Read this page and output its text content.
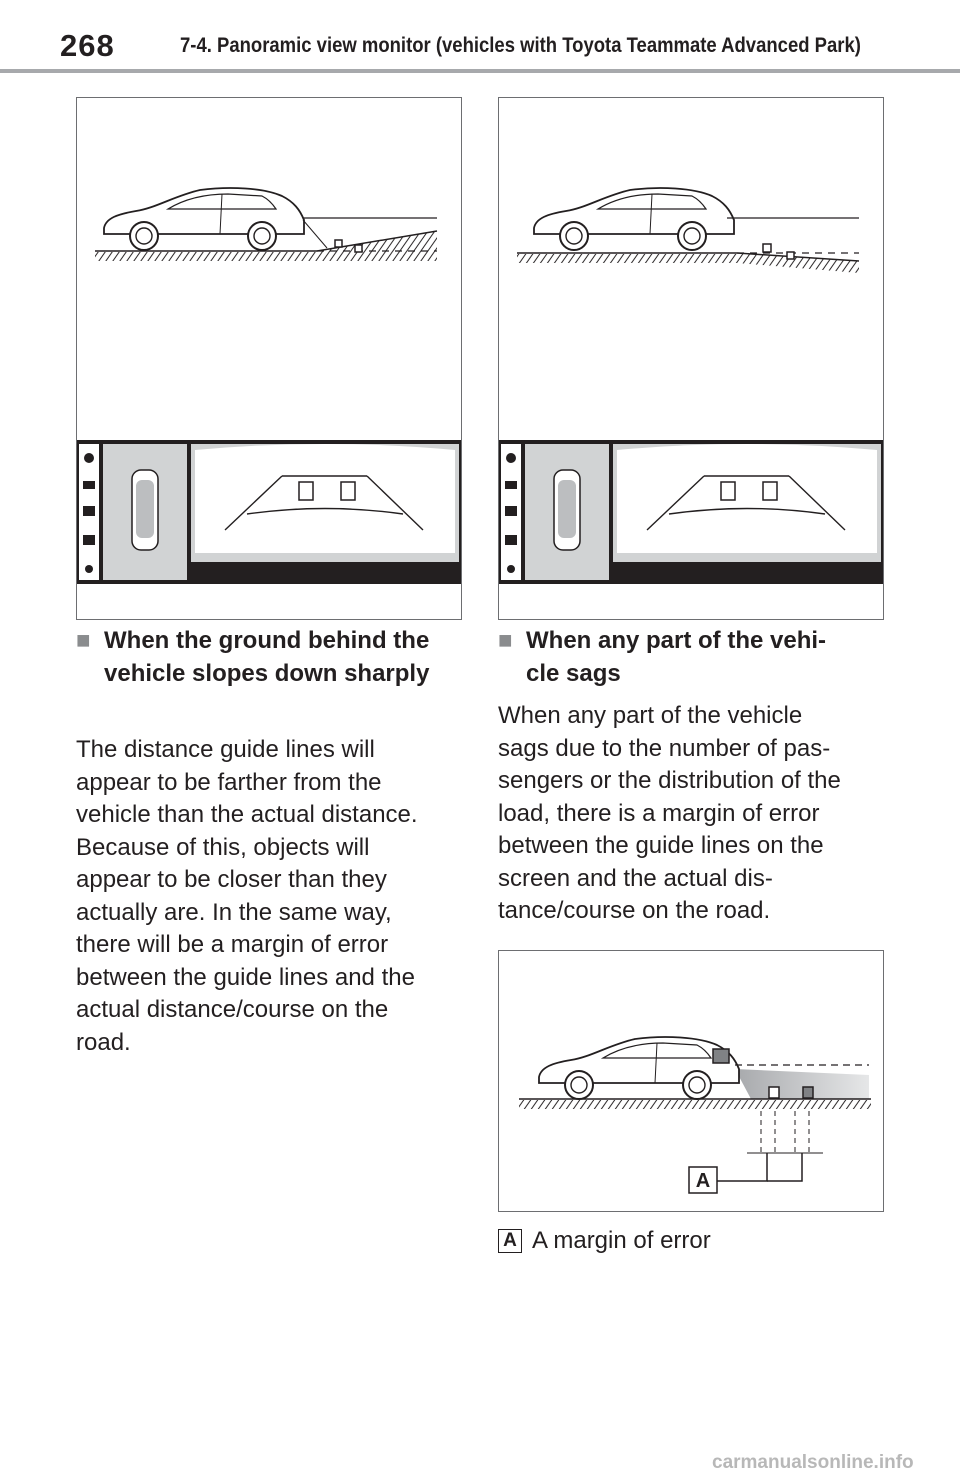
268	7-4. Panoramic view monitor (vehicles with Toyota Teammate Advanced Park)
■ When the ground behind the vehicle slopes down sharply
The distance guide lines will
appear to be farther from the
vehicle than the actual distance.
Because of this, objects will
appear to be closer than they
actually are. In the same way,
there will be a margin of error
between the guide lines and the
actual distance/course on the
road.
■ When any part of the vehi-
cle sags
When any part of the vehicle
sags due to the number of pas-
sengers or the distribution of the
load, there is a margin of error
between the guide lines on the
screen and the actual dis-
tance/course on the road.
A
A A margin of error
carmanualsonline.info
